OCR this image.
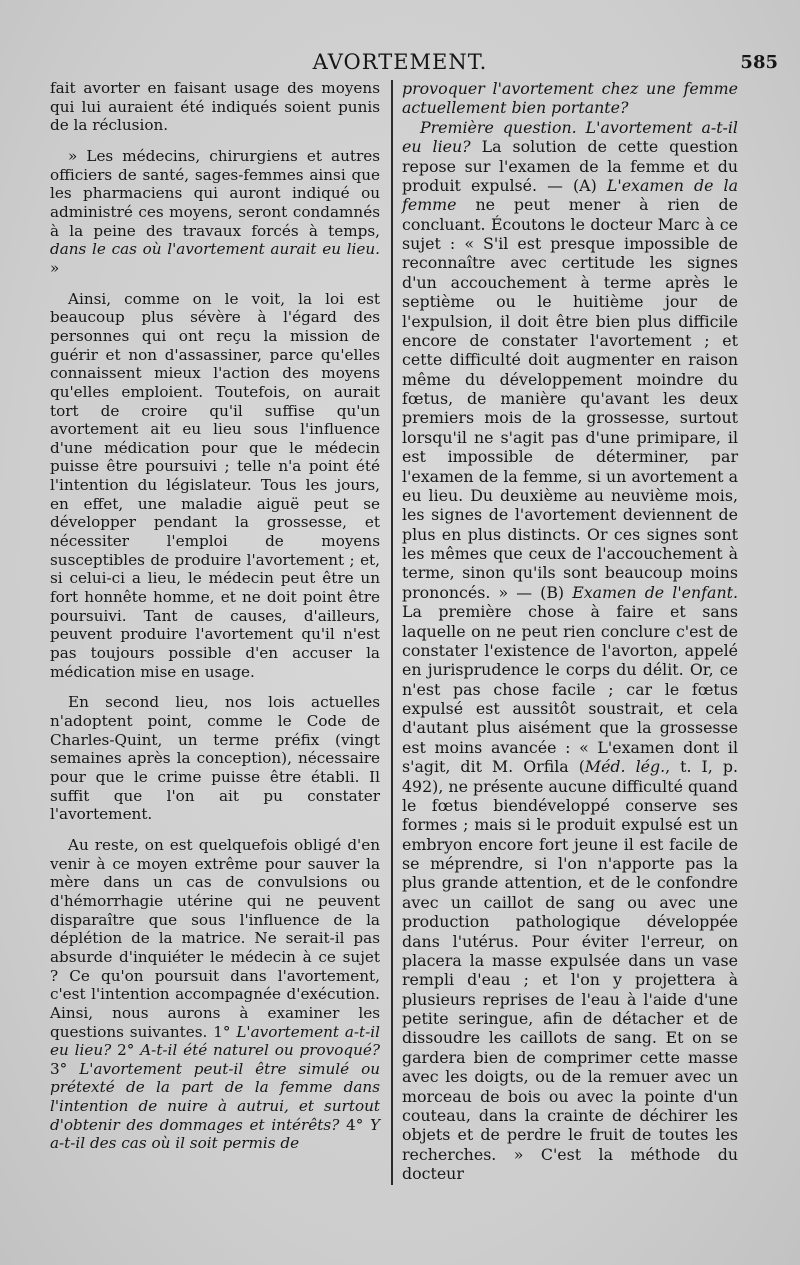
AVORTEMENT.	585

fait avorter en faisant usage des moyens qui lui auraient été indiqués soient punis de la réclusion.

» Les médecins, chirurgiens et autres officiers de santé, sages-femmes ainsi que les pharmaciens qui auront indiqué ou administré ces moyens, seront condamnés à la peine des travaux forcés à temps, dans le cas où l'avortement aurait eu lieu. »

Ainsi, comme on le voit, la loi est beaucoup plus sévère à l'égard des personnes qui ont reçu la mission de guérir et non d'assassiner, parce qu'elles connaissent mieux l'action des moyens qu'elles emploient. Toutefois, on aurait tort de croire qu'il suffise qu'un avortement ait eu lieu sous l'influence d'une médication pour que le médecin puisse être poursuivi ; telle n'a point été l'intention du législateur. Tous les jours, en effet, une maladie aiguë peut se développer pendant la grossesse, et nécessiter l'emploi de moyens susceptibles de produire l'avortement ; et, si celui-ci a lieu, le médecin peut être un fort honnête homme, et ne doit point être poursuivi. Tant de causes, d'ailleurs, peuvent produire l'avortement qu'il n'est pas toujours possible d'en accuser la médication mise en usage.

En second lieu, nos lois actuelles n'adoptent point, comme le Code de Charles-Quint, un terme préfix (vingt semaines après la conception), nécessaire pour que le crime puisse être établi. Il suffit que l'on ait pu constater l'avortement.

Au reste, on est quelquefois obligé d'en venir à ce moyen extrême pour sauver la mère dans un cas de convulsions ou d'hémorrhagie utérine qui ne peuvent disparaître que sous l'influence de la déplétion de la matrice. Ne serait-il pas absurde d'inquiéter le médecin à ce sujet ? Ce qu'on poursuit dans l'avortement, c'est l'intention accompagnée d'exécution. Ainsi, nous aurons à examiner les questions suivantes. 1° L'avortement a-t-il eu lieu? 2° A-t-il été naturel ou provoqué? 3° L'avortement peut-il être simulé ou prétexté de la part de la femme dans l'intention de nuire à autrui, et surtout d'obtenir des dommages et intérêts? 4° Y a-t-il des cas où il soit permis de

provoquer l'avortement chez une femme actuellement bien portante?

Première question. L'avortement a-t-il eu lieu? La solution de cette question repose sur l'examen de la femme et du produit expulsé. — (A) L'examen de la femme ne peut mener à rien de concluant. Écoutons le docteur Marc à ce sujet : « S'il est presque impossible de reconnaître avec certitude les signes d'un accouchement à terme après le septième ou le huitième jour de l'expulsion, il doit être bien plus difficile encore de constater l'avortement ; et cette difficulté doit augmenter en raison même du développement moindre du fœtus, de manière qu'avant les deux premiers mois de la grossesse, surtout lorsqu'il ne s'agit pas d'une primipare, il est impossible de déterminer, par l'examen de la femme, si un avortement a eu lieu. Du deuxième au neuvième mois, les signes de l'avortement deviennent de plus en plus distincts. Or ces signes sont les mêmes que ceux de l'accouchement à terme, sinon qu'ils sont beaucoup moins prononcés. » — (B) Examen de l'enfant. La première chose à faire et sans laquelle on ne peut rien conclure c'est de constater l'existence de l'avorton, appelé en jurisprudence le corps du délit. Or, ce n'est pas chose facile ; car le fœtus expulsé est aussitôt soustrait, et cela d'autant plus aisément que la grossesse est moins avancée : « L'examen dont il s'agit, dit M. Orfila (Méd. lég., t. I, p. 492), ne présente aucune difficulté quand le fœtus biendéveloppé conserve ses formes ; mais si le produit expulsé est un embryon encore fort jeune il est facile de se méprendre, si l'on n'apporte pas la plus grande attention, et de le confondre avec un caillot de sang ou avec une production pathologique développée dans l'utérus. Pour éviter l'erreur, on placera la masse expulsée dans un vase rempli d'eau ; et l'on y projettera à plusieurs reprises de l'eau à l'aide d'une petite seringue, afin de détacher et de dissoudre les caillots de sang. Et on se gardera bien de comprimer cette masse avec les doigts, ou de la remuer avec un morceau de bois ou avec la pointe d'un couteau, dans la crainte de déchirer les objets et de perdre le fruit de toutes les recherches. » C'est la méthode du docteur
